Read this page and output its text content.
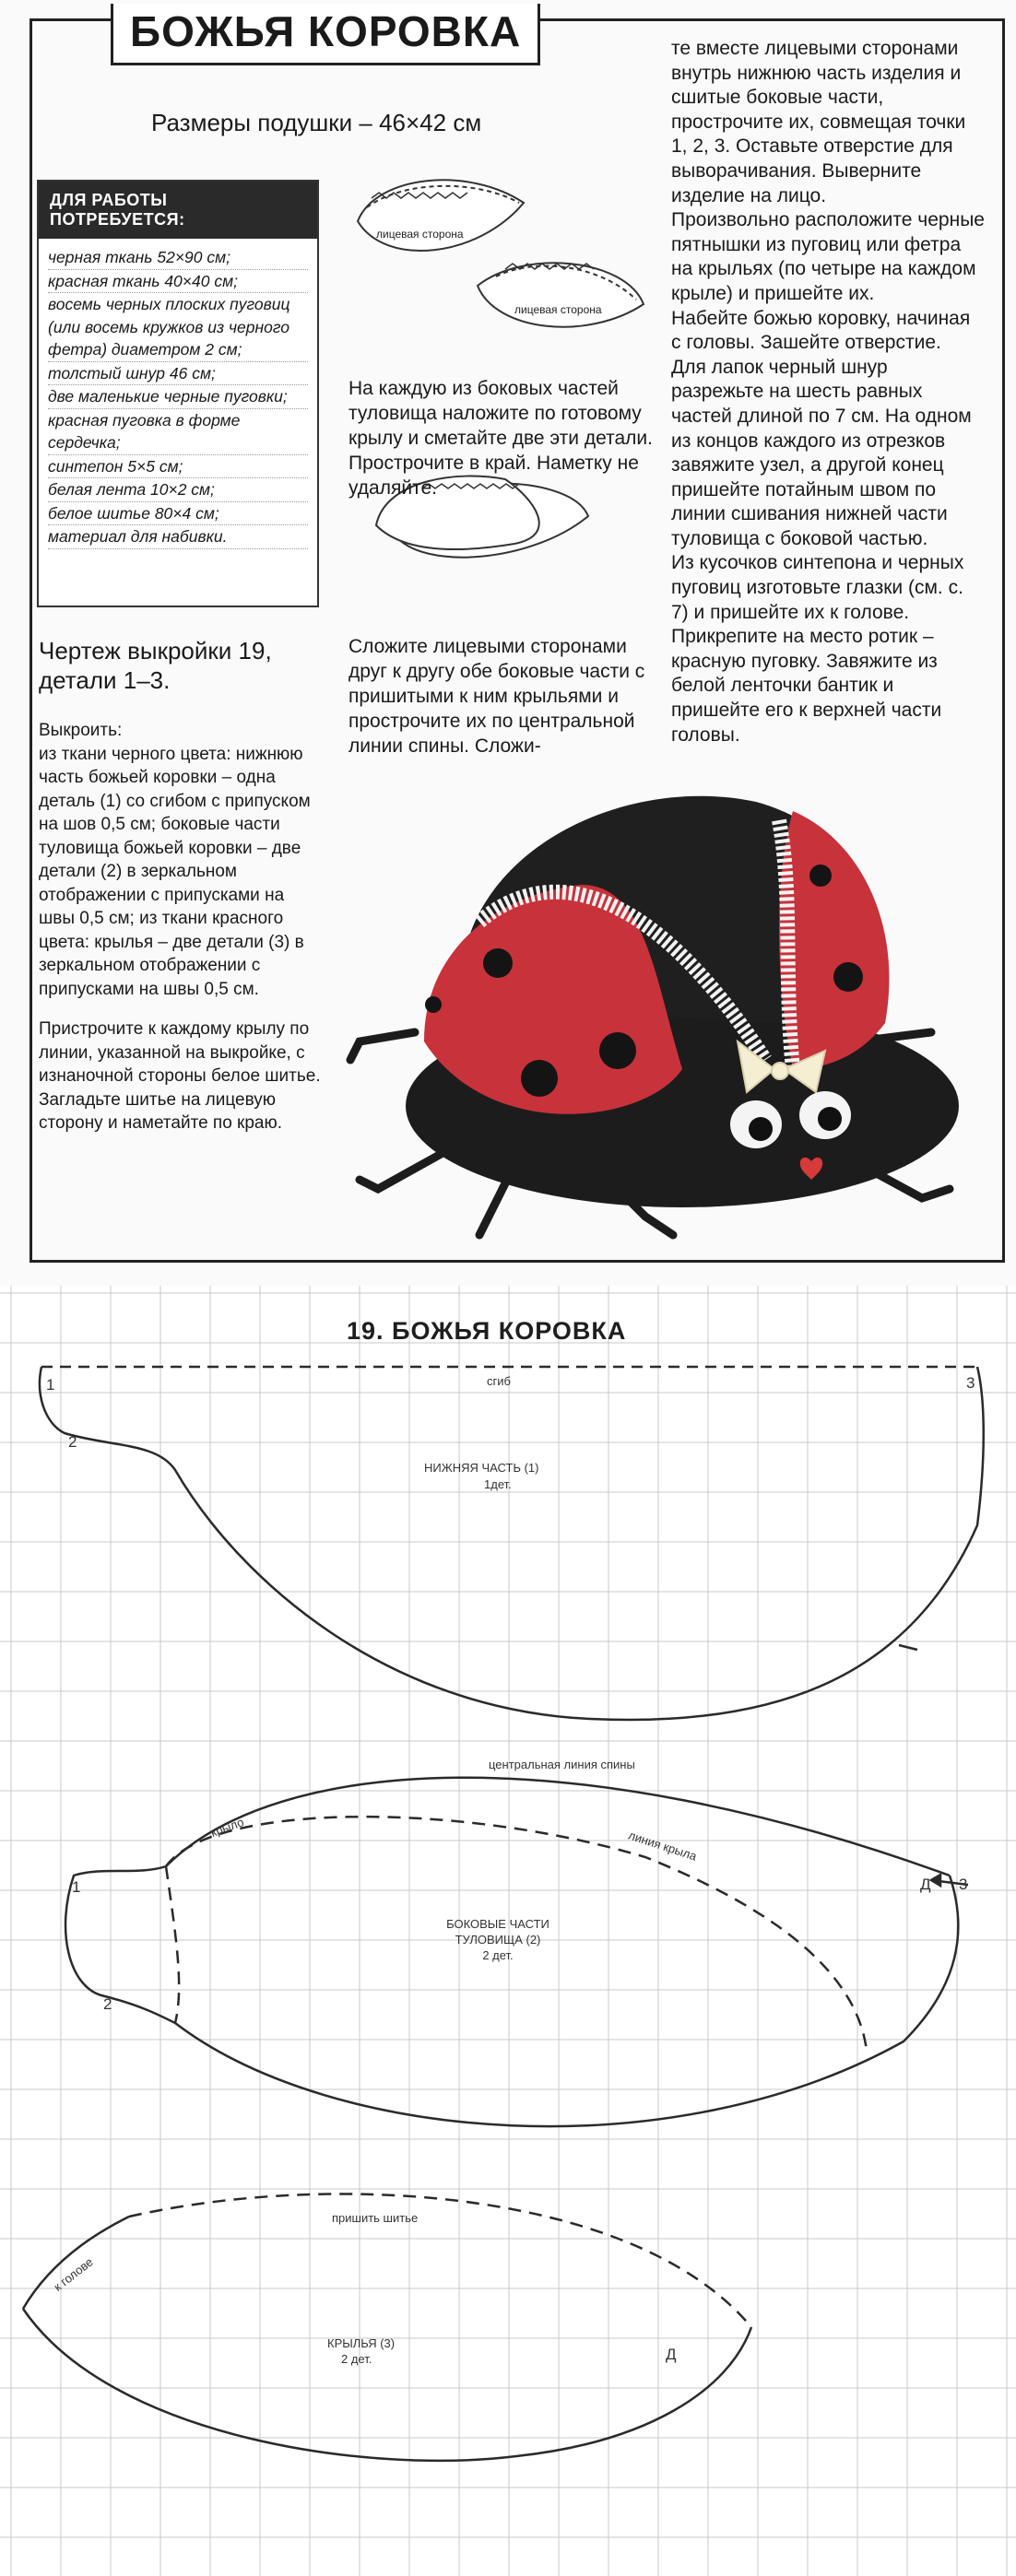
БОЖЬЯ КОРОВКА
Размеры подушки – 46×42 см
ДЛЯ РАБОТЫ ПОТРЕБУЕТСЯ:
черная ткань 52×90 см;
красная ткань 40×40 см;
восемь черных плоских пуговиц (или восемь кружков из черного фетра) диаметром 2 см;
толстый шнур 46 см;
две маленькие черные пуговки;
красная пуговка в форме сердечка;
синтепон 5×5 см;
белая лента 10×2 см;
белое шитье 80×4 см;
материал для набивки.
Чертеж выкройки 19, детали 1–3.

Выкроить:
из ткани черного цвета: нижнюю часть божьей коровки – одна деталь (1) со сгибом с припуском на шов 0,5 см; боковые части туловища божьей коровки – две детали (2) в зеркальном отображении с припусками на швы 0,5 см; из ткани красного цвета: крылья – две детали (3) в зеркальном отображении с припусками на швы 0,5 см.

Пристрочите к каждому крылу по линии, указанной на выкройке, с изнаночной стороны белое шитье. Загладьте шитье на лицевую сторону и наметайте по краю.

лицевая сторона
лицевая сторона
На каждую из боковых частей туловища наложите по готовому крылу и сметайте две эти детали. Прострочите в край. Наметку не удаляйте.
Сложите лицевыми сторонами друг к другу обе боковые части с пришитыми к ним крыльями и прострочите их по центральной линии спины. Сложи-
те вместе лицевыми сторонами внутрь нижнюю часть изделия и сшитые боковые части, прострочите их, совмещая точки 1, 2, 3. Оставьте отверстие для выворачивания. Выверните изделие на лицо.
Произвольно расположите черные пятнышки из пуговиц или фетра на крыльях (по четыре на каждом крыле) и пришейте их.
Набейте божью коровку, начиная с головы. Зашейте отверстие.
Для лапок черный шнур разрежьте на шесть равных частей длиной по 7 см. На одном из концов каждого из отрезков завяжите узел, а другой конец пришейте потайным швом по линии сшивания нижней части туловища с боковой частью.
Из кусочков синтепона и черных пуговиц изготовьте глазки (см. с. 7) и пришейте их к голове. Прикрепите на место ротик – красную пуговку. Завяжите из белой ленточки бантик и пришейте его к верхней части головы.
19. БОЖЬЯ КОРОВКА
сгиб
НИЖНЯЯ ЧАСТЬ (1)
1дет.
центральная линия спины
крыло
линия крыла
БОКОВЫЕ ЧАСТИ
ТУЛОВИЩА (2)
2 дет.
пришить шитье
к голове
КРЫЛЬЯ (3)
2 дет.
Д
Д
1
2
3
1
2
3
